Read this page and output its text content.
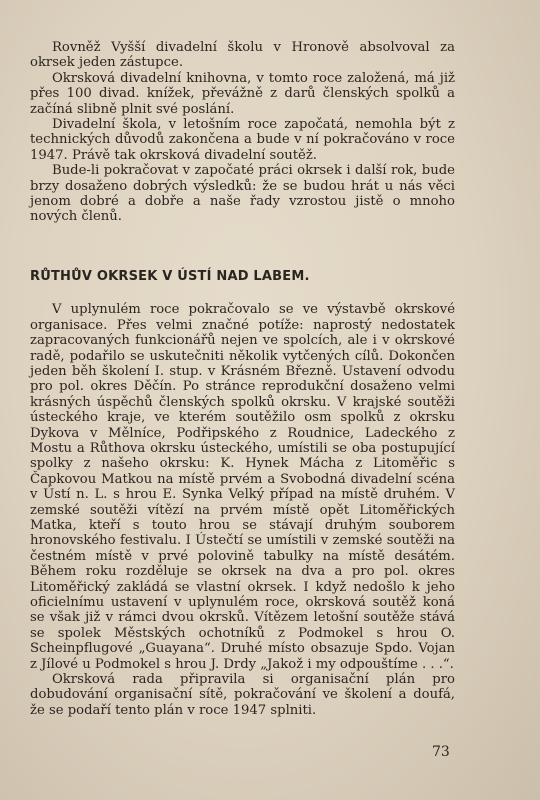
Rovněž Vyšší divadelní školu v Hronově absolvoval za okrsek jeden zástupce.

Okrsková divadelní knihovna, v tomto roce založená, má již přes 100 divad. knížek, převážně z darů členských spolků a začíná slibně plnit své poslání.

Divadelní škola, v letošním roce započatá, nemohla být z technických důvodů zakončena a bude v ní pokračováno v roce 1947. Právě tak okrsková divadelní soutěž.

Bude-li pokračovat v započaté práci okrsek i další rok, bude brzy dosaženo dobrých výsledků: že se budou hrát u nás věci jenom dobré a dobře a naše řady vzrostou jistě o mnoho nových členů.

RŮTHŮV OKRSEK V ÚSTÍ NAD LABEM.

V uplynulém roce pokračovalo se ve výstavbě okrskové organisace. Přes velmi značné potíže: naprostý nedostatek zapracovaných funkcionářů nejen ve spolcích, ale i v okrskové radě, podařilo se uskutečniti několik vytčených cílů. Dokončen jeden běh školení I. stup. v Krásném Březně. Ustavení odvodu pro pol. okres Děčín. Po stránce reprodukční dosaženo velmi krásných úspěchů členských spolků okrsku. V krajské soutěži ústeckého kraje, ve kterém soutěžilo osm spolků z okrsku Dykova v Mělníce, Podřipského z Roudnice, Ladeckého z Mostu a Růthova okrsku ústeckého, umístili se oba postupující spolky z našeho okrsku: K. Hynek Mácha z Litoměřic s Čapkovou Matkou na místě prvém a Svobodná divadelní scéna v Ústí n. L. s hrou E. Synka Velký případ na místě druhém. V zemské soutěži vítězí na prvém místě opět Litoměřických Matka, kteří s touto hrou se stávají druhým souborem hronovského festivalu. I Ústečtí se umístili v zemské soutěži na čestném místě v prvé polovině tabulky na místě desátém. Během roku rozděluje se okrsek na dva a pro pol. okres Litoměřický zakládá se vlastní okrsek. I když nedošlo k jeho oficielnímu ustavení v uplynulém roce, okrsková soutěž koná se však již v rámci dvou okrsků. Vítězem letošní soutěže stává se spolek Městských ochotníků z Podmokel s hrou O. Scheinpflugové „Guayana“. Druhé místo obsazuje Spdo. Vojan z Jílové u Podmokel s hrou J. Drdy „Jakož i my odpouštíme . . .“.

Okrsková rada připravila si organisační plán pro dobudování organisační sítě, pokračování ve školení a doufá, že se podaří tento plán v roce 1947 splniti.

73
